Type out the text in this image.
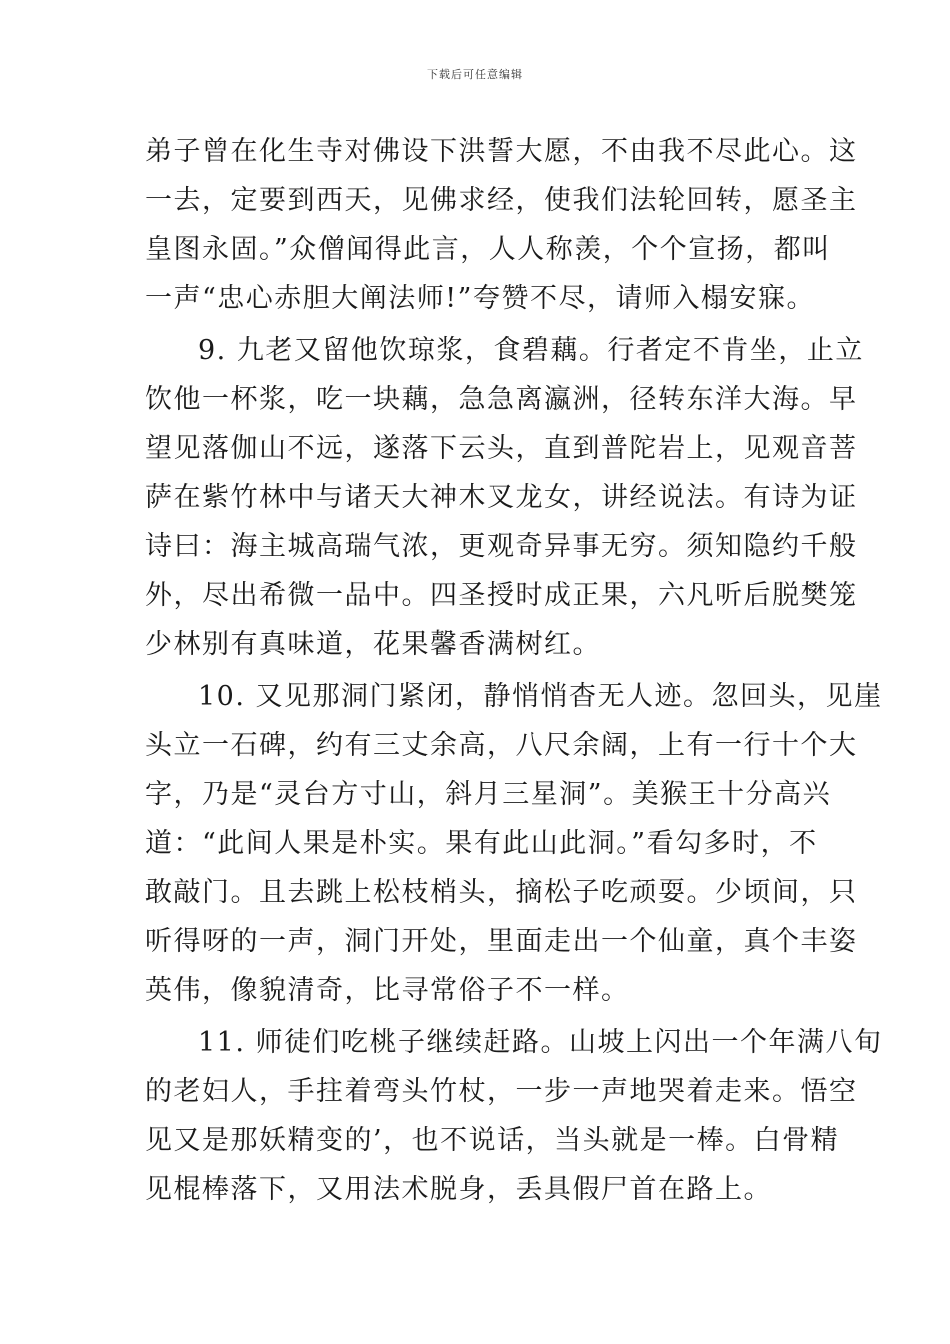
下载后可任意编辑
弟子曾在化生寺对佛设下洪誓大愿，不由我不尽此心。这
一去，定要到西天，见佛求经，使我们法轮回转，愿圣主
皇图永固。”众僧闻得此言，人人称羡，个个宣扬，都叫
一声“忠心赤胆大阐法师!”夸赞不尽，请师入榻安寐。
9. 九老又留他饮琼浆，食碧藕。行者定不肯坐，止立
饮他一杯浆，吃一块藕，急急离瀛洲，径转东洋大海。早
望见落伽山不远，遂落下云头，直到普陀岩上，见观音菩
萨在紫竹林中与诸天大神木叉龙女，讲经说法。有诗为证
诗曰：海主城高瑞气浓，更观奇异事无穷。须知隐约千般
外，尽出希微一品中。四圣授时成正果，六凡听后脱樊笼
少林别有真味道，花果馨香满树红。
10. 又见那洞门紧闭，静悄悄杳无人迹。忽回头，见崖
头立一石碑，约有三丈余高，八尺余阔，上有一行十个大
字，乃是“灵台方寸山，斜月三星洞”。美猴王十分高兴
道：“此间人果是朴实。果有此山此洞。”看勾多时，不
敢敲门。且去跳上松枝梢头，摘松子吃顽耍。少顷间，只
听得呀的一声，洞门开处，里面走出一个仙童，真个丰姿
英伟，像貌清奇，比寻常俗子不一样。
11. 师徒们吃桃子继续赶路。山坡上闪出一个年满八旬
的老妇人，手拄着弯头竹杖，一步一声地哭着走来。悟空
见又是那妖精变的’，也不说话，当头就是一棒。白骨精
见棍棒落下，又用法术脱身，丢具假尸首在路上。
